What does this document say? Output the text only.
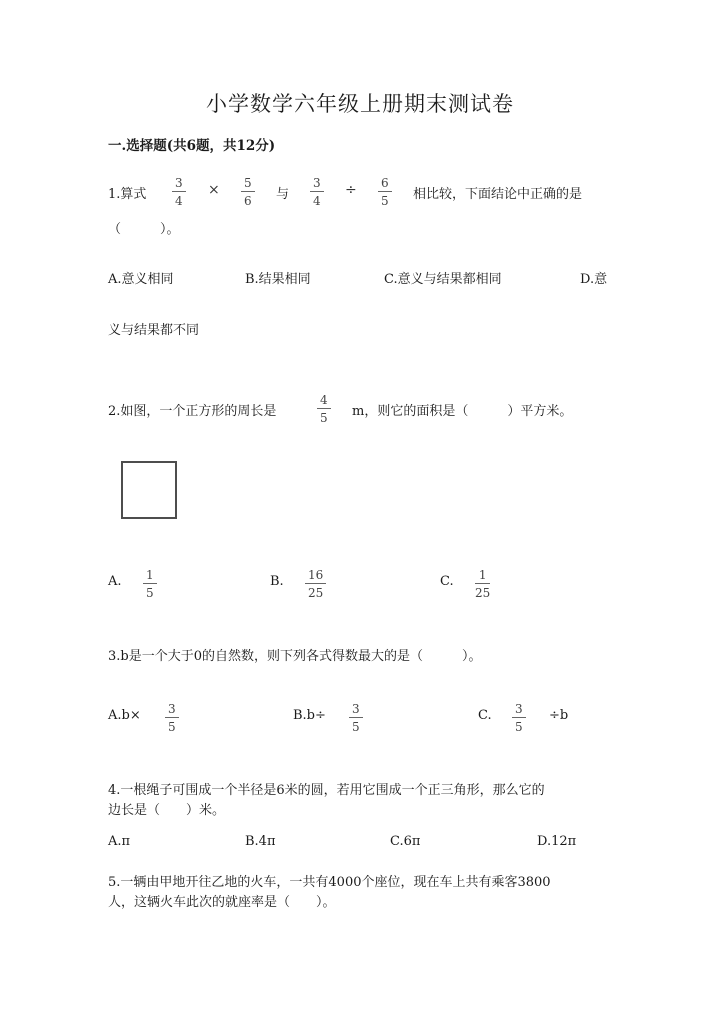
小学数学六年级上册期末测试卷
一.选择题(共6题，共12分)
1.算式
3
4
× 5
6 与
3
4
÷ 6
5 相比较，下面结论中正确的是
（　　　）。
A.意义相同	B.结果相同	C.意义与结果都相同	D.意
义与结果都不同
2.如图，一个正方形的周长是
4
5 m，则它的面积是（　　　）平方米。
A. 1
5
B. 16
25
C. 1
25
3.b是一个大于0的自然数，则下列各式得数最大的是（　　　）。
A.b× 3
5
B.b÷ 3
5
C. 3
5
÷b
4.一根绳子可围成一个半径是6米的圆，若用它围成一个正三角形，那么它的
边长是（　　）米。
A.π	B.4π	C.6π	D.12π
5.一辆由甲地开往乙地的火车，一共有4000个座位，现在车上共有乘客3800
人，这辆火车此次的就座率是（　　）。
